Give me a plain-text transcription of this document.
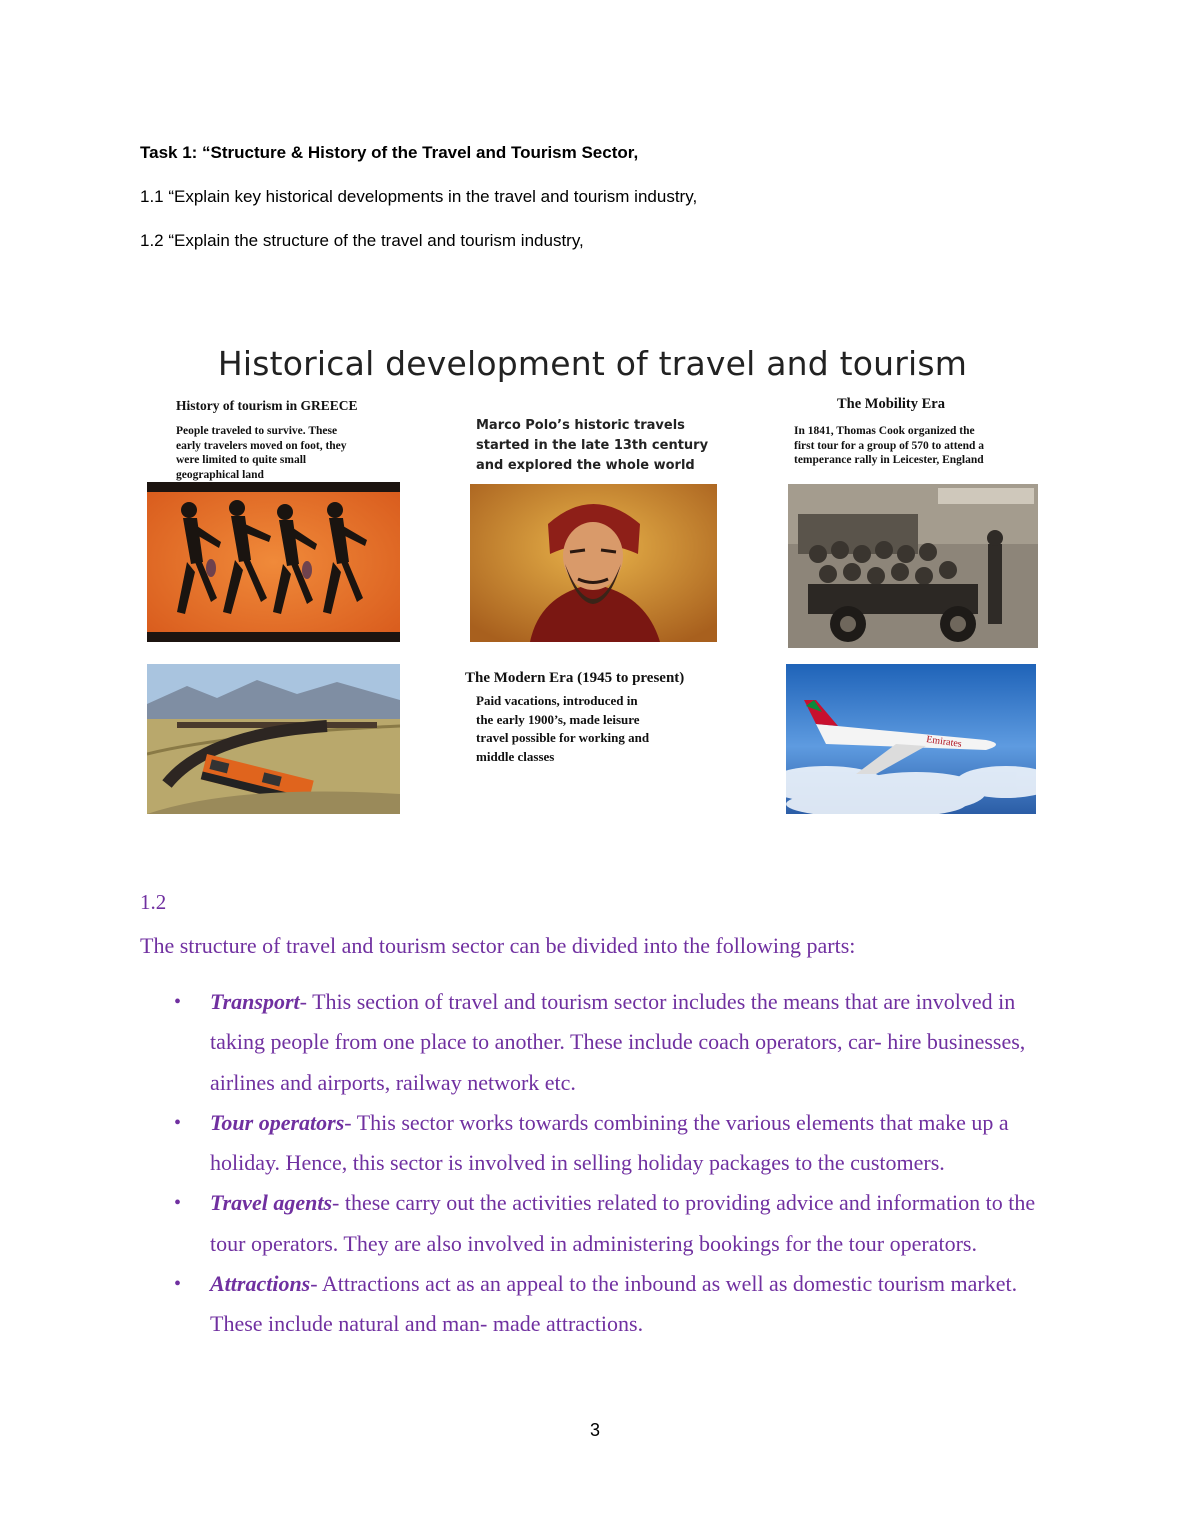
Task 1: “Structure & History of the Travel and Tourism Sector,

1.1 “Explain key historical developments in the travel and tourism industry,

1.2 “Explain the structure of the travel and tourism industry,

Historical development of travel and tourism
History of tourism in GREECE
People traveled to survive. These
early travelers moved on foot, they
were limited to quite small
geographical land
Marco Polo’s historic travels
started in the late 13th century
and explored the whole world
The Mobility Era
In 1841, Thomas Cook organized the
first tour for a group of 570 to attend a
temperance rally in Leicester, England
The Modern Era (1945 to present)
Paid vacations, introduced in
the early 1900’s, made leisure
travel possible for working and
middle classes
Emirates

1.2

The structure of travel and tourism sector can be divided into the following parts:

• Transport- This section of travel and tourism sector includes the means that are involved in taking people from one place to another. These include coach operators, car- hire businesses, airlines and airports, railway network etc.
• Tour operators- This sector works towards combining the various elements that make up a holiday. Hence, this sector is involved in selling holiday packages to the customers.
• Travel agents- these carry out the activities related to providing advice and information to the tour operators. They are also involved in administering bookings for the tour operators.
• Attractions- Attractions act as an appeal to the inbound as well as domestic tourism market. These include natural and man- made attractions.

3
